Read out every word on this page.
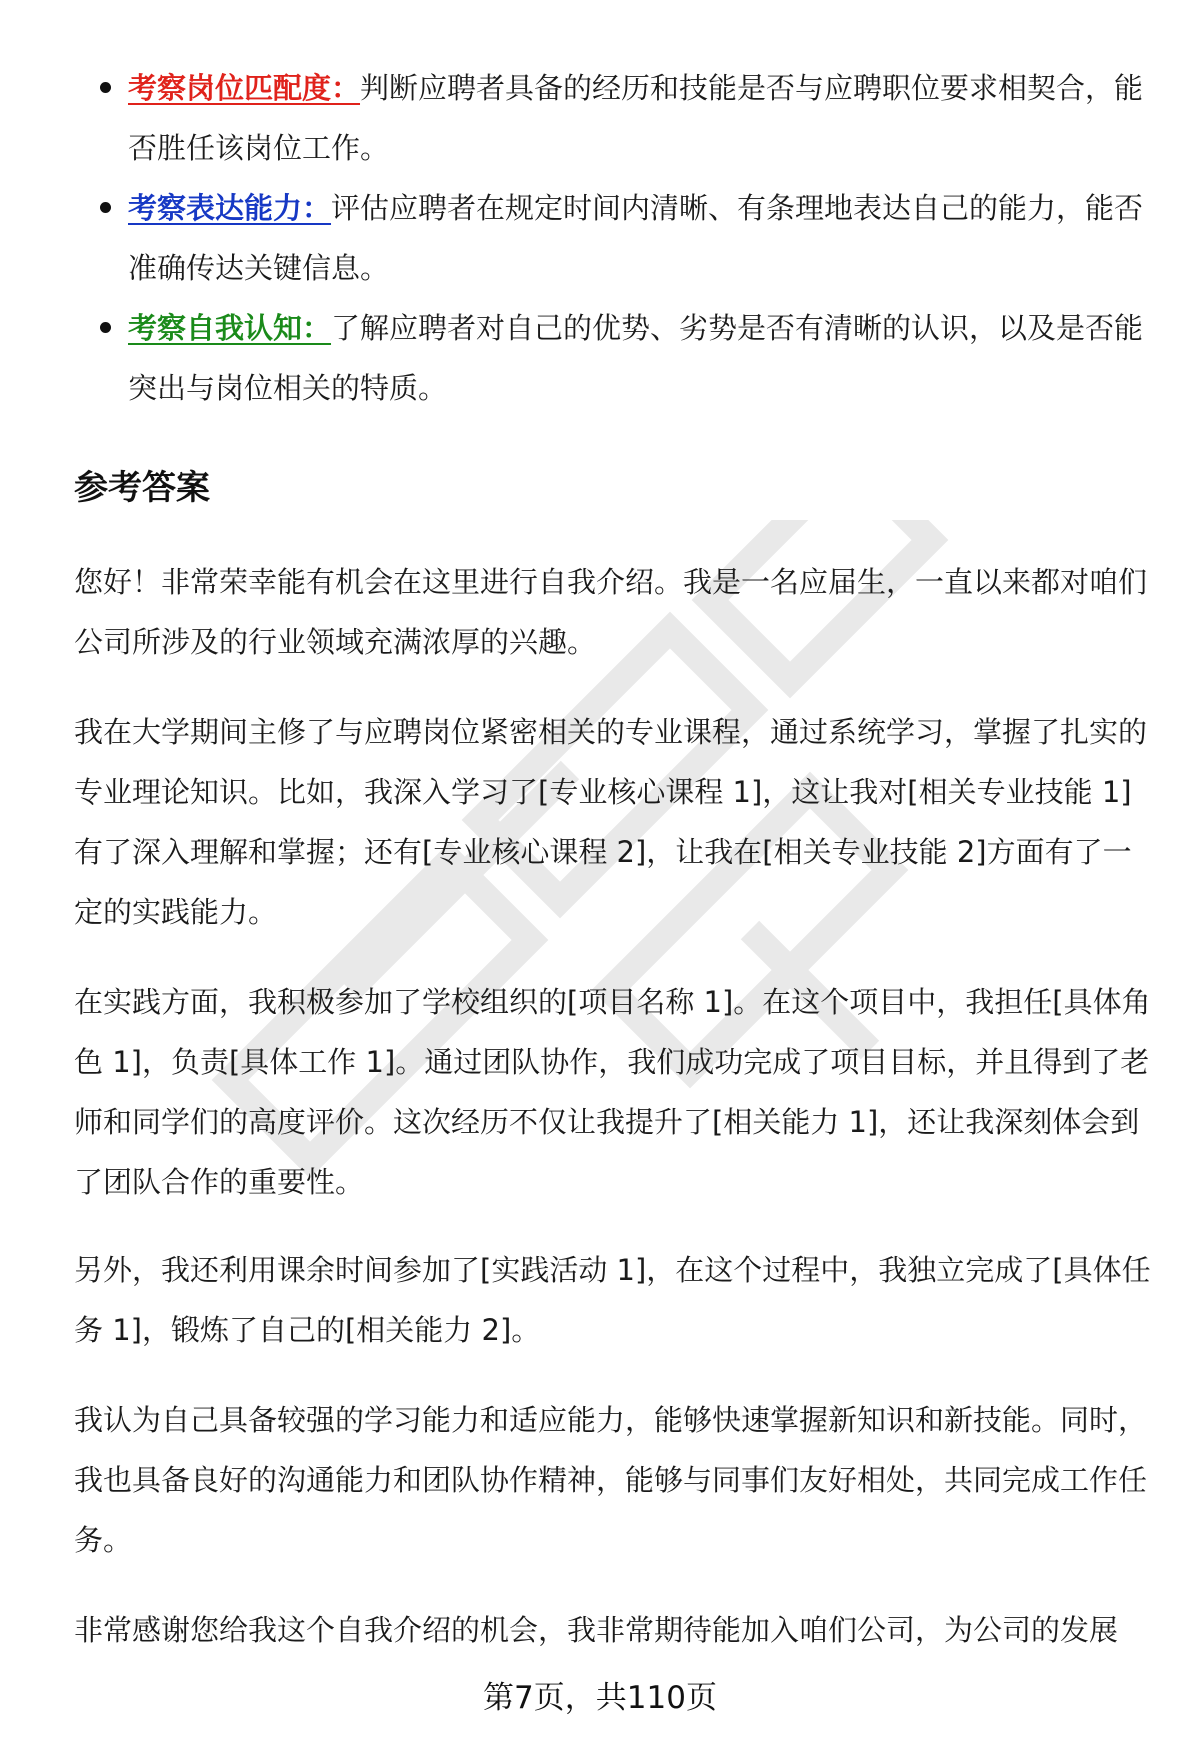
考察岗位匹配度：判断应聘者具备的经历和技能是否与应聘职位要求相契合，能否胜任该岗位工作。
考察表达能力：评估应聘者在规定时间内清晰、有条理地表达自己的能力，能否准确传达关键信息。
考察自我认知：了解应聘者对自己的优势、劣势是否有清晰的认识，以及是否能突出与岗位相关的特质。
参考答案

您好！非常荣幸能有机会在这里进行自我介绍。我是一名应届生，一直以来都对咱们公司所涉及的行业领域充满浓厚的兴趣。

我在大学期间主修了与应聘岗位紧密相关的专业课程，通过系统学习，掌握了扎实的专业理论知识。比如，我深入学习了[专业核心课程 1]，这让我对[相关专业技能 1]有了深入理解和掌握；还有[专业核心课程 2]，让我在[相关专业技能 2]方面有了一定的实践能力。

在实践方面，我积极参加了学校组织的[项目名称 1]。在这个项目中，我担任[具体角色 1]，负责[具体工作 1]。通过团队协作，我们成功完成了项目目标，并且得到了老师和同学们的高度评价。这次经历不仅让我提升了[相关能力 1]，还让我深刻体会到了团队合作的重要性。

另外，我还利用课余时间参加了[实践活动 1]，在这个过程中，我独立完成了[具体任务 1]，锻炼了自己的[相关能力 2]。

我认为自己具备较强的学习能力和适应能力，能够快速掌握新知识和新技能。同时，我也具备良好的沟通能力和团队协作精神，能够与同事们友好相处，共同完成工作任务。

非常感谢您给我这个自我介绍的机会，我非常期待能加入咱们公司，为公司的发展

第7页，共110页
